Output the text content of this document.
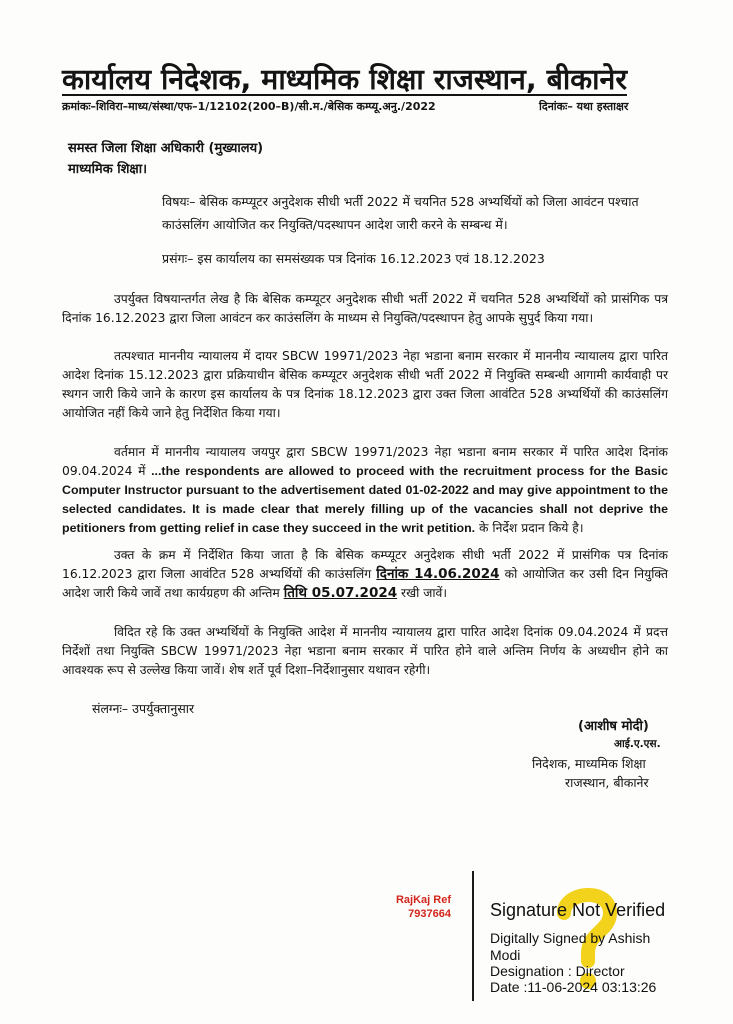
कार्यालय निदेशक, माध्यमिक शिक्षा राजस्थान, बीकानेर
क्रमांकः–शिविरा–माध्य/संस्था/एफ–1/12102(200–B)/सी.म./बेसिक कम्प्यू.अनु./2022	दिनांकः– यथा हस्ताक्षर
समस्त जिला शिक्षा अधिकारी (मुख्यालय)
माध्यमिक शिक्षा।
विषयः– बेसिक कम्प्यूटर अनुदेशक सीधी भर्ती 2022 में चयनित 528 अभ्यर्थियों को जिला आवंटन पश्चात काउंसलिंग आयोजित कर नियुक्ति/पदस्थापन आदेश जारी करने के सम्बन्ध में।
प्रसंगः– इस कार्यालय का समसंख्यक पत्र दिनांक 16.12.2023 एवं 18.12.2023

उपर्युक्त विषयान्तर्गत लेख है कि बेसिक कम्प्यूटर अनुदेशक सीधी भर्ती 2022 में चयनित 528 अभ्यर्थियों को प्रासंगिक पत्र दिनांक 16.12.2023 द्वारा जिला आवंटन कर काउंसलिंग के माध्यम से नियुक्ति/पदस्थापन हेतु आपके सुपुर्द किया गया।

तत्पश्चात माननीय न्यायालय में दायर SBCW 19971/2023 नेहा भडाना बनाम सरकार में माननीय न्यायालय द्वारा पारित आदेश दिनांक 15.12.2023 द्वारा प्रक्रियाधीन बेसिक कम्प्यूटर अनुदेशक सीधी भर्ती 2022 में नियुक्ति सम्बन्धी आगामी कार्यवाही पर स्थगन जारी किये जाने के कारण इस कार्यालय के पत्र दिनांक 18.12.2023 द्वारा उक्त जिला आवंटित 528 अभ्यर्थियों की काउंसलिंग आयोजित नहीं किये जाने हेतु निर्देशित किया गया।

वर्तमान में माननीय न्यायालय जयपुर द्वारा SBCW 19971/2023 नेहा भडाना बनाम सरकार में पारित आदेश दिनांक 09.04.2024 में ...the respondents are allowed to proceed with the recruitment process for the Basic Computer Instructor pursuant to the advertisement dated 01-02-2022 and may give appointment to the selected candidates. It is made clear that merely filling up of the vacancies shall not deprive the petitioners from getting relief in case they succeed in the writ petition. के निर्देश प्रदान किये है।

उक्त के क्रम में निर्देशित किया जाता है कि बेसिक कम्प्यूटर अनुदेशक सीधी भर्ती 2022 में प्रासंगिक पत्र दिनांक 16.12.2023 द्वारा जिला आवंटित 528 अभ्यर्थियों की काउंसलिंग दिनांक 14.06.2024 को आयोजित कर उसी दिन नियुक्ति आदेश जारी किये जावें तथा कार्यग्रहण की अन्तिम तिथि 05.07.2024 रखी जावें।

विदित रहे कि उक्त अभ्यर्थियों के नियुक्ति आदेश में माननीय न्यायालय द्वारा पारित आदेश दिनांक 09.04.2024 में प्रदत्त निर्देशों तथा नियुक्ति SBCW 19971/2023 नेहा भडाना बनाम सरकार में पारित होने वाले अन्तिम निर्णय के अध्यधीन होने का आवश्यक रूप से उल्लेख किया जावें। शेष शर्ते पूर्व दिशा–निर्देशानुसार यथावन रहेगी।

संलग्नः– उपर्युक्तानुसार
(आशीष मोदी)
आई.ए.एस.
निदेशक, माध्यमिक शिक्षा
राजस्थान, बीकानेर
RajKaj Ref
7937664 Signature Not Verified
Digitally Signed by Ashish
Modi
Designation : Director
Date :11-06-2024 03:13:26
